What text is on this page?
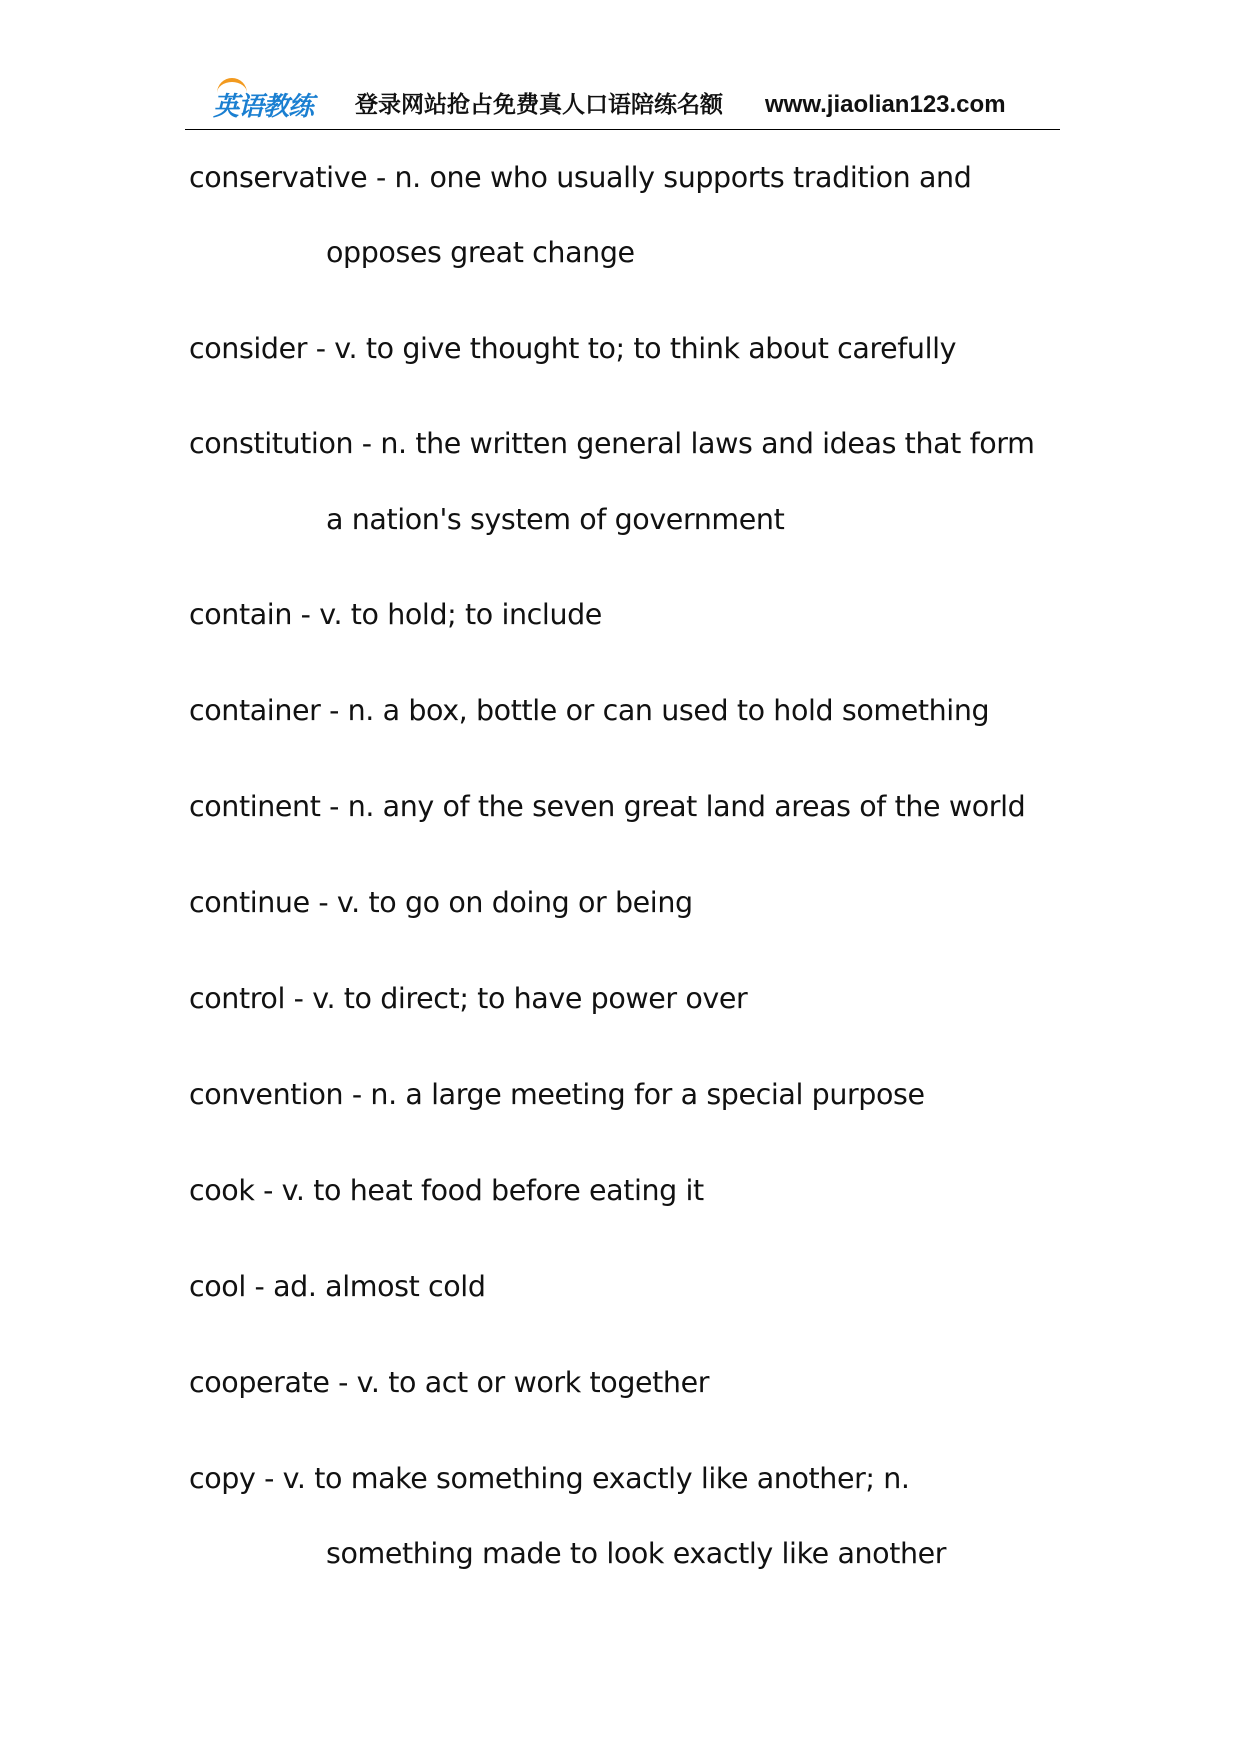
英语教练 登录网站抢占免费真人口语陪练名额 www.jiaolian123.com
conservative - n. one who usually supports tradition and
opposes great change
consider - v. to give thought to; to think about carefully
constitution - n. the written general laws and ideas that form
a nation's system of government
contain - v. to hold; to include
container - n. a box, bottle or can used to hold something
continent - n. any of the seven great land areas of the world
continue - v. to go on doing or being
control - v. to direct; to have power over
convention - n. a large meeting for a special purpose
cook - v. to heat food before eating it
cool - ad. almost cold
cooperate - v. to act or work together
copy - v. to make something exactly like another; n.
something made to look exactly like another
